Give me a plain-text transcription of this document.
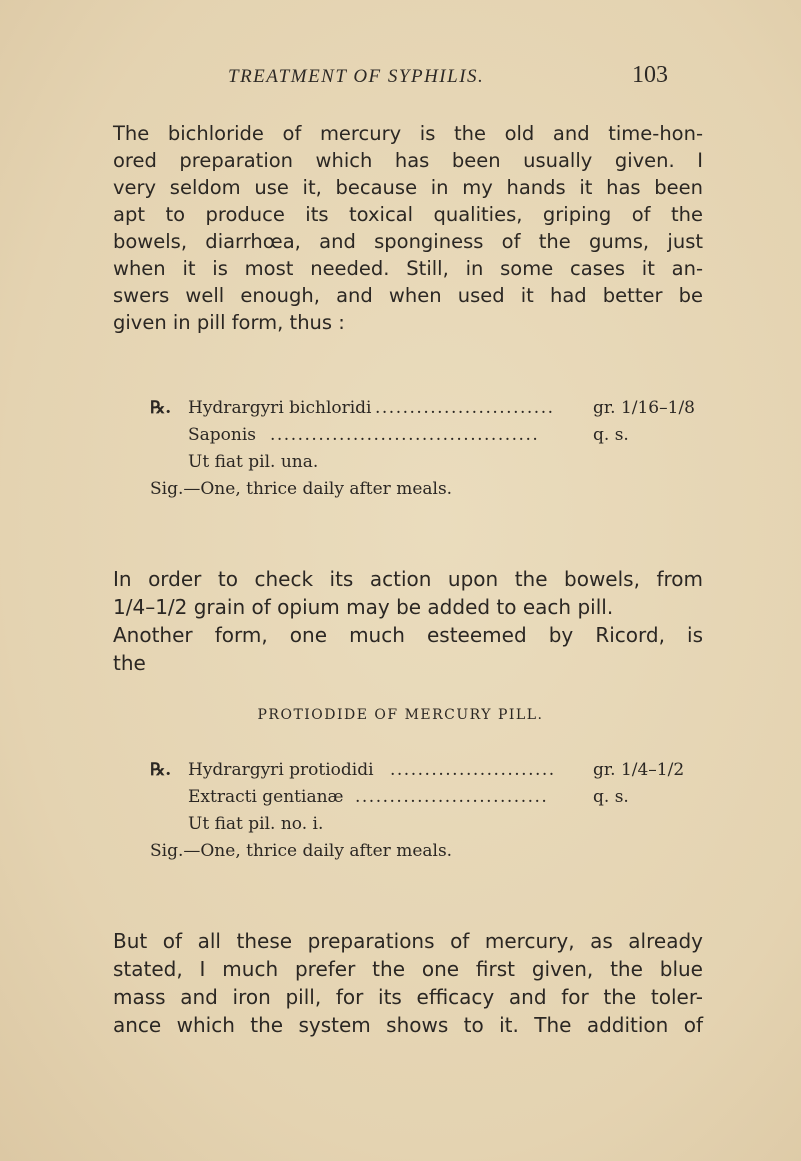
TREATMENT OF SYPHILIS.	103

The bichloride of mercury is the old and time-hon-
ored preparation which has been usually given. I
very seldom use it, because in my hands it has been
apt to produce its toxical qualities, griping of the
bowels, diarrhœa, and sponginess of the gums, just
when it is most needed. Still, in some cases it an-
swers well enough, and when used it had better be
given in pill form, thus :

℞. Hydrargyri bichloridi ..........................	gr. 1/16–1/8
Saponis .......................................	q. s.
Ut fiat pil. una.
Sig.—One, thrice daily after meals.

In order to check its action upon the bowels, from
1/4–1/2 grain of opium may be added to each pill.
Another form, one much esteemed by Ricord, is
the

PROTIODIDE OF MERCURY PILL.
℞. Hydrargyri protiodidi ........................	gr. 1/4–1/2
Extracti gentianæ ............................	q. s.
Ut fiat pil. no. i.
Sig.—One, thrice daily after meals.

But of all these preparations of mercury, as already
stated, I much prefer the one first given, the blue
mass and iron pill, for its efficacy and for the toler-
ance which the system shows to it. The addition of
